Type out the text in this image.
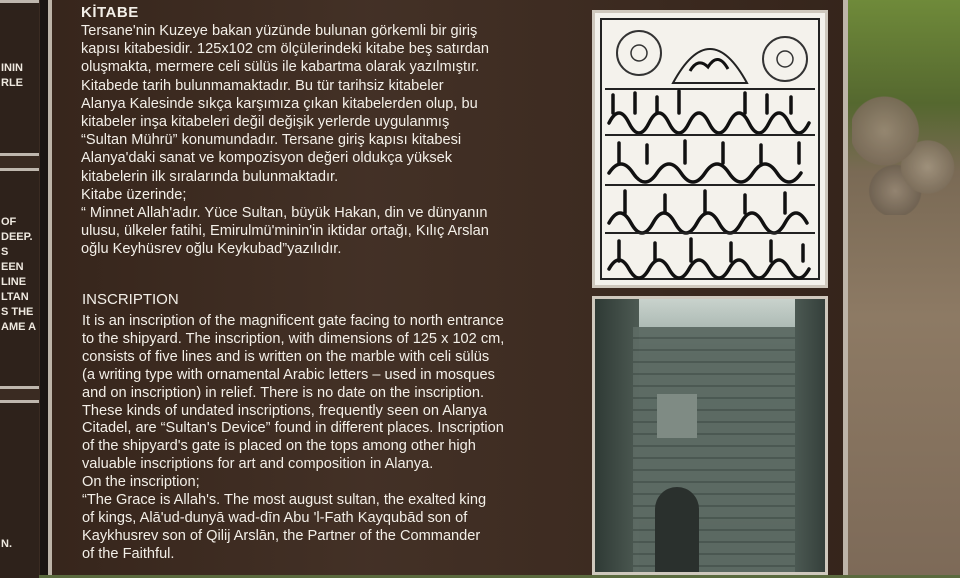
ININ
RLE
OF
DEEP.
S
EEN
LINE
LTAN
S THE
AME A
N.
KİTABE

Tersane'nin Kuzeye bakan yüzünde bulunan görkemli bir giriş
kapısı kitabesidir. 125x102 cm ölçülerindeki kitabe beş satırdan
oluşmakta, mermere celi sülüs ile kabartma olarak yazılmıştır.
Kitabede tarih bulunmamaktadır. Bu tür tarihsiz kitabeler
Alanya Kalesinde sıkça karşımıza çıkan kitabelerden olup, bu
kitabeler inşa kitabeleri değil değişik yerlerde uygulanmış
“Sultan Mührü” konumundadır. Tersane giriş kapısı kitabesi
Alanya'daki sanat ve kompozisyon değeri oldukça yüksek
kitabelerin ilk sıralarında bulunmaktadır.
Kitabe üzerinde;
“ Minnet Allah'adır. Yüce Sultan, büyük Hakan, din ve dünyanın
ulusu, ülkeler fatihi, Emirulmü'minin'in iktidar ortağı, Kılıç Arslan
oğlu Keyhüsrev oğlu Keykubad”yazılıdır.

INSCRIPTION
It is an inscription of the magnificent gate facing to north entrance
to the shipyard. The inscription, with dimensions of 125 x 102 cm,
consists of five lines and is written on the marble with celi sülüs
(a writing type with ornamental Arabic letters – used in mosques
and on inscription) in relief. There is no date on the inscription.
These kinds of undated inscriptions, frequently seen on Alanya
Citadel, are “Sultan's Device” found in different places. Inscription
of the shipyard's gate is placed on the tops among other high
valuable inscriptions for art and composition in Alanya.
On the inscription;
“The Grace is Allah's. The most august sultan, the exalted king
of kings, Alā'ud-dunyā wad-dīn Abu 'l-Fath Kayqubād son of
Kaykhusrev son of Qilij Arslān, the Partner of the Commander
of the Faithful.
